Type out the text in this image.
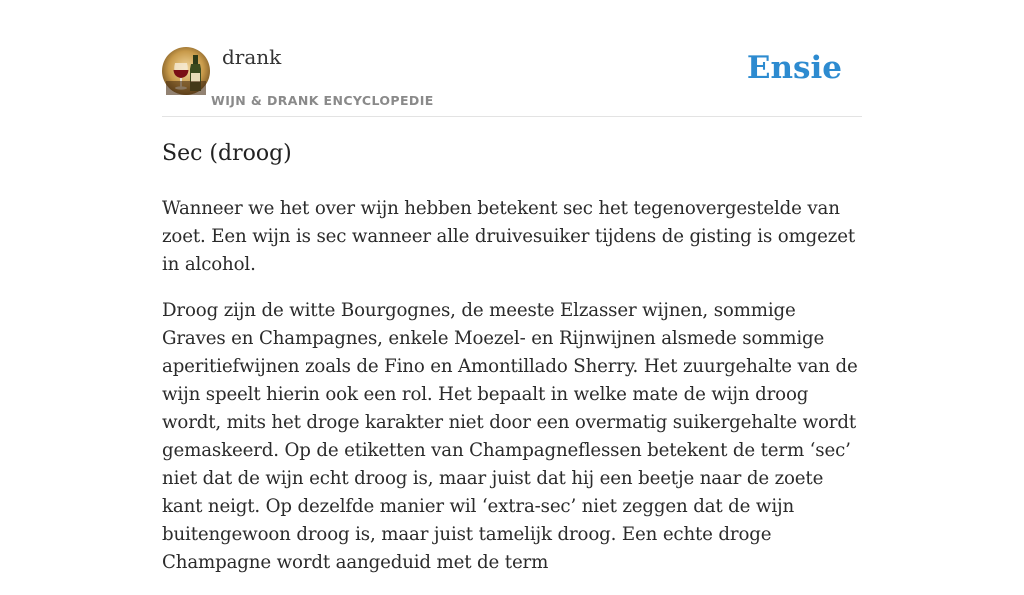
drank
WIJN & DRANK ENCYCLOPEDIE
Ensie
Sec (droog)

Wanneer we het over wijn hebben betekent sec het tegenovergestelde van zoet. Een wijn is sec wanneer alle druivesuiker tijdens de gisting is omgezet in alcohol.

Droog zijn de witte Bourgognes, de meeste Elzasser wijnen, sommige Graves en Champagnes, enkele Moezel- en Rijnwijnen alsmede sommige aperitiefwijnen zoals de Fino en Amontillado Sherry. Het zuurgehalte van de wijn speelt hierin ook een rol. Het bepaalt in welke mate de wijn droog wordt, mits het droge karakter niet door een overmatig suikergehalte wordt gemaskeerd. Op de etiketten van Champagneflessen betekent de term ‘sec’ niet dat de wijn echt droog is, maar juist dat hij een beetje naar de zoete kant neigt. Op dezelfde manier wil ‘extra-sec’ niet zeggen dat de wijn buitengewoon droog is, maar juist tamelijk droog. Een echte droge Champagne wordt aangeduid met de term
